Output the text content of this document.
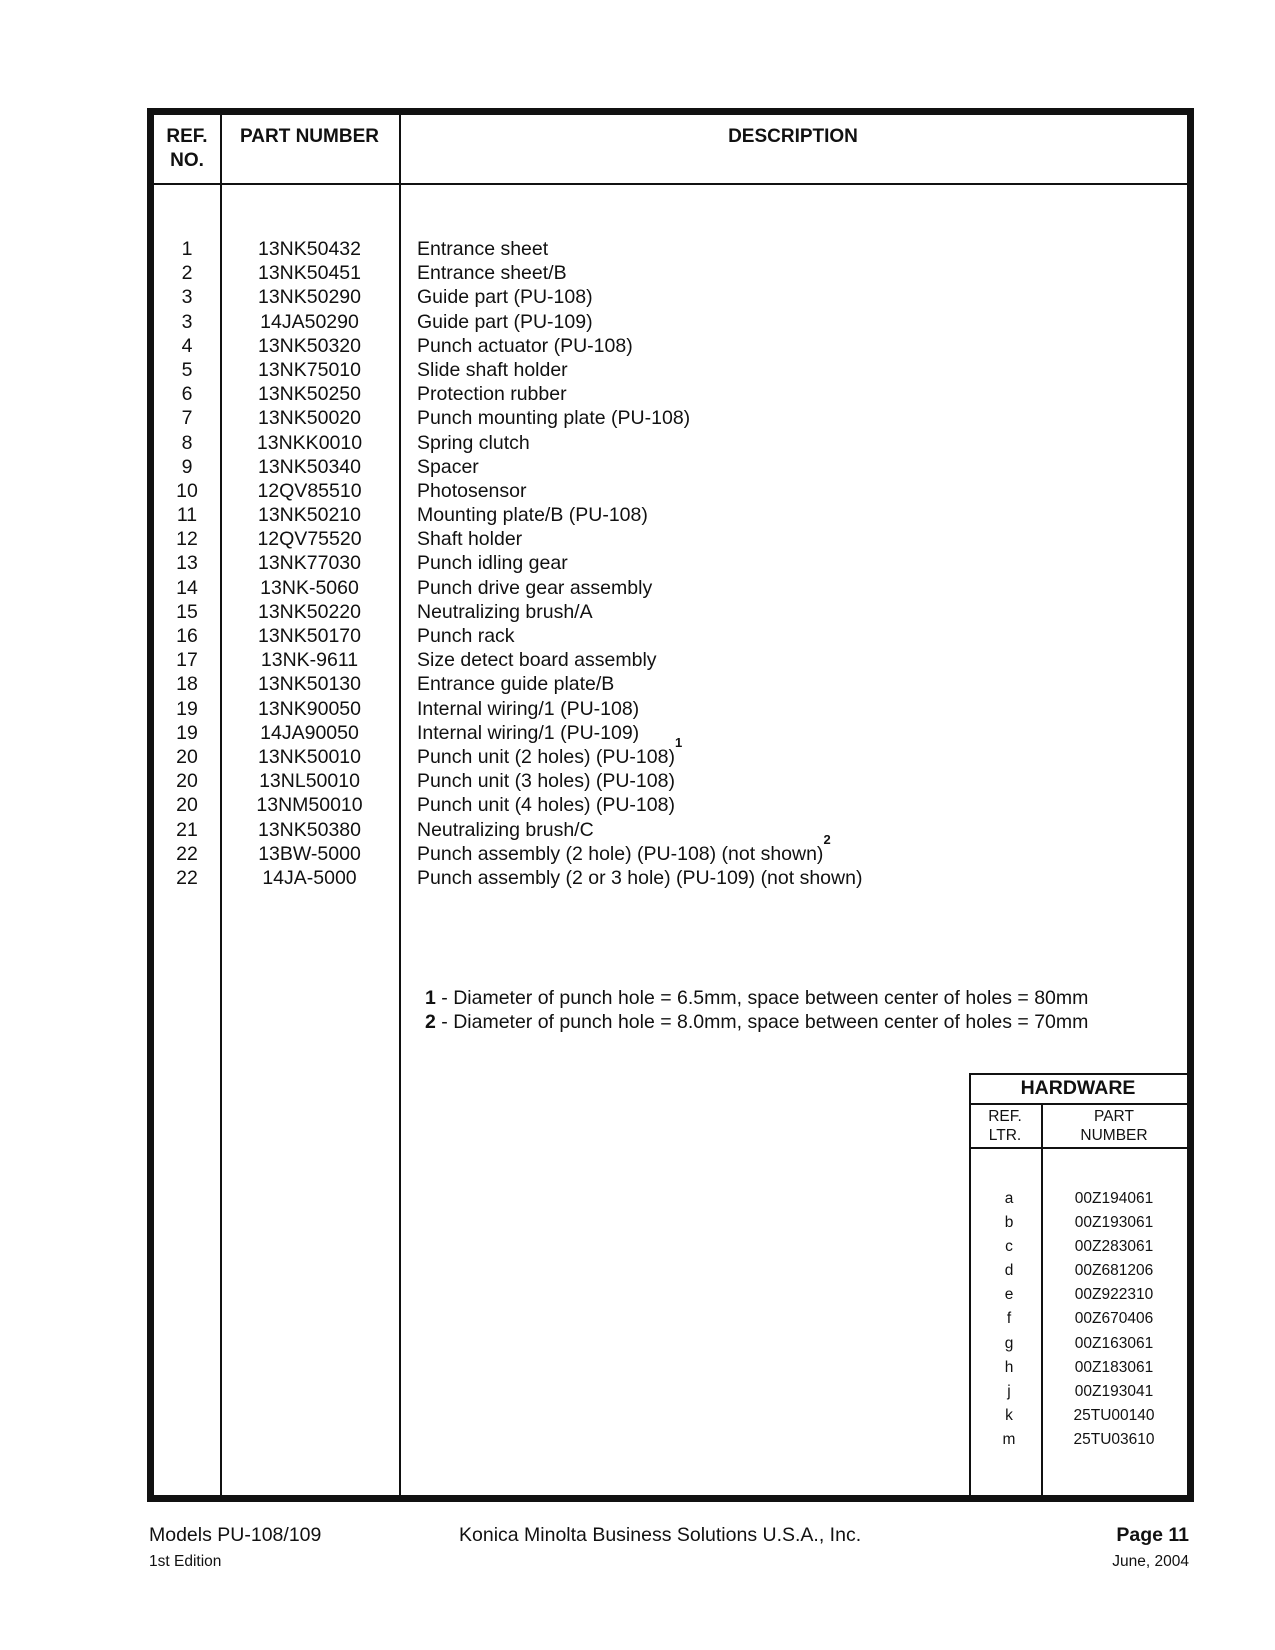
REF.
NO.
PART NUMBER	DESCRIPTION
1
2
3
3
4
5
6
7
8
9
10
11
12
13
14
15
16
17
18
19
19
20
20
20
21
22
22
13NK50432
13NK50451
13NK50290
14JA50290
13NK50320
13NK75010
13NK50250
13NK50020
13NKK0010
13NK50340
12QV85510
13NK50210
12QV75520
13NK77030
13NK-5060
13NK50220
13NK50170
13NK-9611
13NK50130
13NK90050
14JA90050
13NK50010
13NL50010
13NM50010
13NK50380
13BW-5000
14JA-5000
Entrance sheet
Entrance sheet/B
Guide part (PU-108)
Guide part (PU-109)
Punch actuator (PU-108)
Slide shaft holder
Protection rubber
Punch mounting plate (PU-108)
Spring clutch
Spacer
Photosensor
Mounting plate/B (PU-108)
Shaft holder
Punch idling gear
Punch drive gear assembly
Neutralizing brush/A
Punch rack
Size detect board assembly
Entrance guide plate/B
Internal wiring/1 (PU-108)
Internal wiring/1 (PU-109)
Punch unit (2 holes) $(PU-108)^1$
Punch unit (3 holes) (PU-108)
Punch unit (4 holes) (PU-108)
Neutralizing brush/C
Punch assembly (2 hole) (PU-108) (not shown)$^2$
Punch assembly (2 or 3 hole) (PU-109) (not shown)
1 - Diameter of punch hole = 6.5mm, space between center of holes = 80mm
2 - Diameter of punch hole = 8.0mm, space between center of holes = 70mm
HARDWARE
REF.
LTR.
PART
NUMBER
a
b
c
d
e
f
g
h
j
k
m
00Z194061
00Z193061
00Z283061
00Z681206
00Z922310
00Z670406
00Z163061
00Z183061
00Z193041
25TU00140
25TU03610
Models PU-108/109
1st Edition
Konica Minolta Business Solutions U.S.A., Inc.	Page 11
June, 2004
